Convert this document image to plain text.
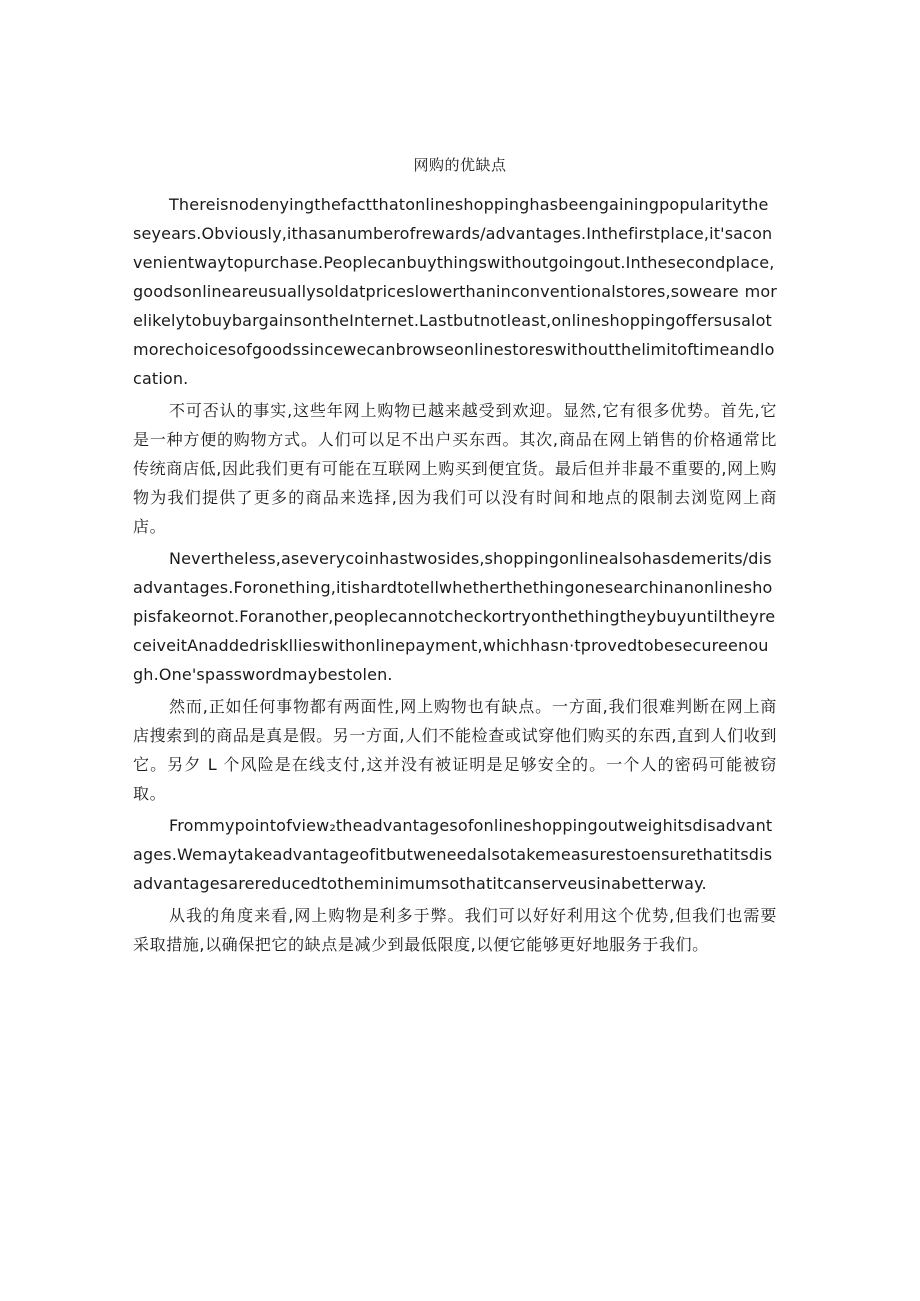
网购的优缺点

Thereisnodenyingthefactthatonlineshoppinghasbeengainingpopularitytheseyears.Obviously,ithasanumberofrewards/advantages.Inthefirstplace,it'saconvenientwaytopurchase.Peoplecanbuythingswithoutgoingout.Inthesecondplace,goodsonlineareusuallysoldatpriceslowerthaninconventionalstores,soweare morelikelytobuybargainsontheInternet.Lastbutnotleast,onlineshoppingoffersusalotmorechoicesofgoodssincewecanbrowseonlinestoreswithoutthelimitoftimeandlocation.

不可否认的事实,这些年网上购物已越来越受到欢迎。显然,它有很多优势。首先,它是一种方便的购物方式。人们可以足不出户买东西。其次,商品在网上销售的价格通常比传统商店低,因此我们更有可能在互联网上购买到便宜货。最后但并非最不重要的,网上购物为我们提供了更多的商品来选择,因为我们可以没有时间和地点的限制去浏览网上商店。

Nevertheless,aseverycoinhastwosides,shoppingonlinealsohasdemerits/disadvantages.Foronething,itishardtotellwhetherthethingonesearchinanonlineshopisfakeornot.Foranother,peoplecannotcheckortryonthethingtheybuyuntiltheyreceiveitAnaddedriskllieswithonlinepayment,whichhasn·tprovedtobesecureenough.One'spasswordmaybestolen.

然而,正如任何事物都有两面性,网上购物也有缺点。一方面,我们很难判断在网上商店搜索到的商品是真是假。另一方面,人们不能检查或试穿他们购买的东西,直到人们收到它。另夕 L 个风险是在线支付,这并没有被证明是足够安全的。一个人的密码可能被窃取。

Frommypointofview₂theadvantagesofonlineshoppingoutweighitsdisadvantages.Wemaytakeadvantageofitbutweneedalsotakemeasurestoensurethatitsdisadvantagesarereducedtotheminimumsothatitcanserveusinabetterway.

从我的角度来看,网上购物是利多于弊。我们可以好好利用这个优势,但我们也需要采取措施,以确保把它的缺点是减少到最低限度,以便它能够更好地服务于我们。
